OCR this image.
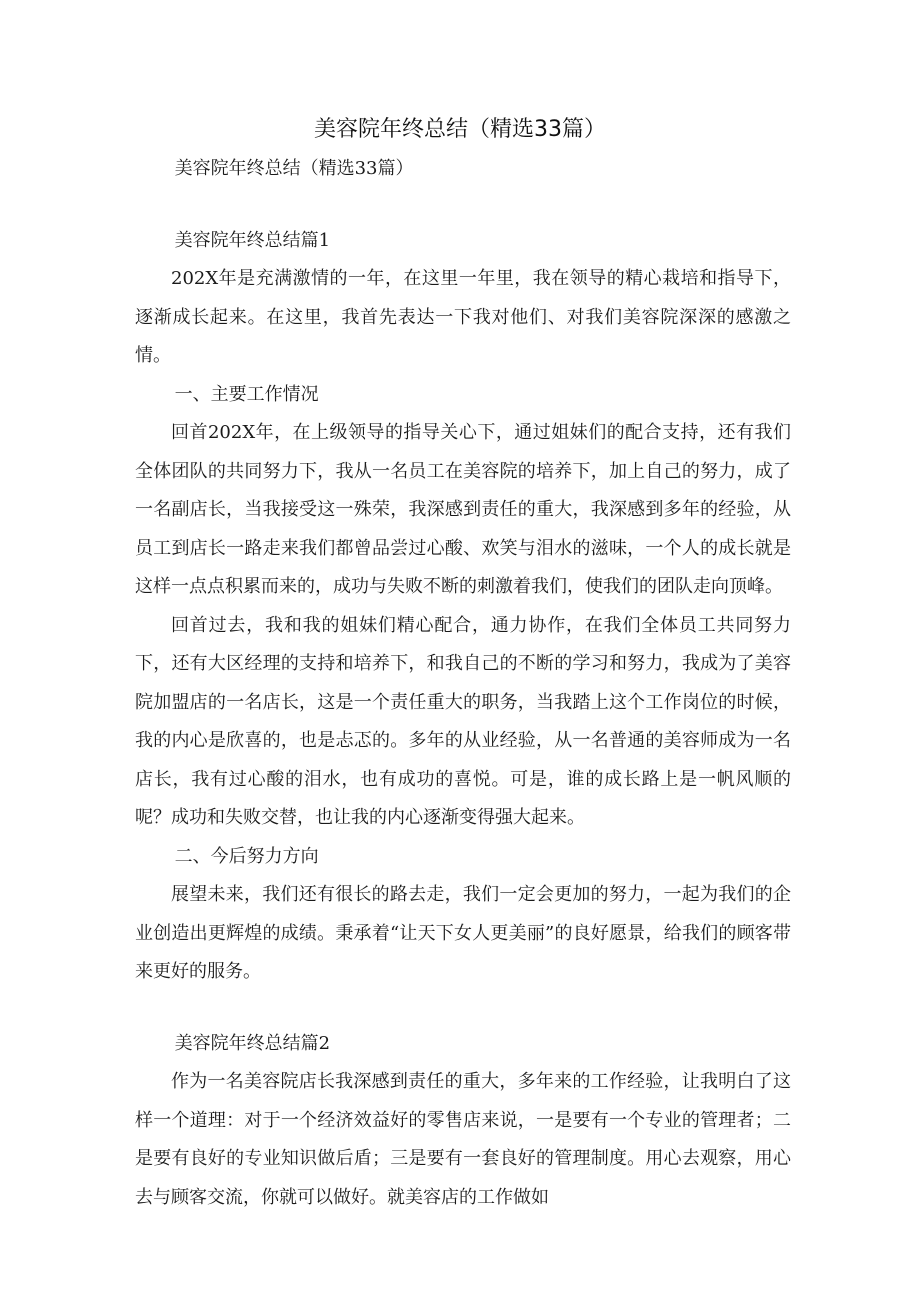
美容院年终总结（精选33篇）

美容院年终总结（精选33篇）

美容院年终总结篇1

202X年是充满激情的一年，在这里一年里，我在领导的精心栽培和指导下，逐渐成长起来。在这里，我首先表达一下我对他们、对我们美容院深深的感激之情。

一、主要工作情况

回首202X年，在上级领导的指导关心下，通过姐妹们的配合支持，还有我们全体团队的共同努力下，我从一名员工在美容院的培养下，加上自己的努力，成了一名副店长，当我接受这一殊荣，我深感到责任的重大，我深感到多年的经验，从员工到店长一路走来我们都曾品尝过心酸、欢笑与泪水的滋味，一个人的成长就是这样一点点积累而来的，成功与失败不断的刺激着我们，使我们的团队走向顶峰。

回首过去，我和我的姐妹们精心配合，通力协作，在我们全体员工共同努力下，还有大区经理的支持和培养下，和我自己的不断的学习和努力，我成为了美容院加盟店的一名店长，这是一个责任重大的职务，当我踏上这个工作岗位的时候，我的内心是欣喜的，也是忐忑的。多年的从业经验，从一名普通的美容师成为一名店长，我有过心酸的泪水，也有成功的喜悦。可是，谁的成长路上是一帆风顺的呢？成功和失败交替，也让我的内心逐渐变得强大起来。

二、今后努力方向

展望未来，我们还有很长的路去走，我们一定会更加的努力，一起为我们的企业创造出更辉煌的成绩。秉承着“让天下女人更美丽”的良好愿景，给我们的顾客带来更好的服务。

美容院年终总结篇2

作为一名美容院店长我深感到责任的重大，多年来的工作经验，让我明白了这样一个道理：对于一个经济效益好的零售店来说，一是要有一个专业的管理者；二是要有良好的专业知识做后盾；三是要有一套良好的管理制度。用心去观察，用心去与顾客交流，你就可以做好。就美容店的工作做如
